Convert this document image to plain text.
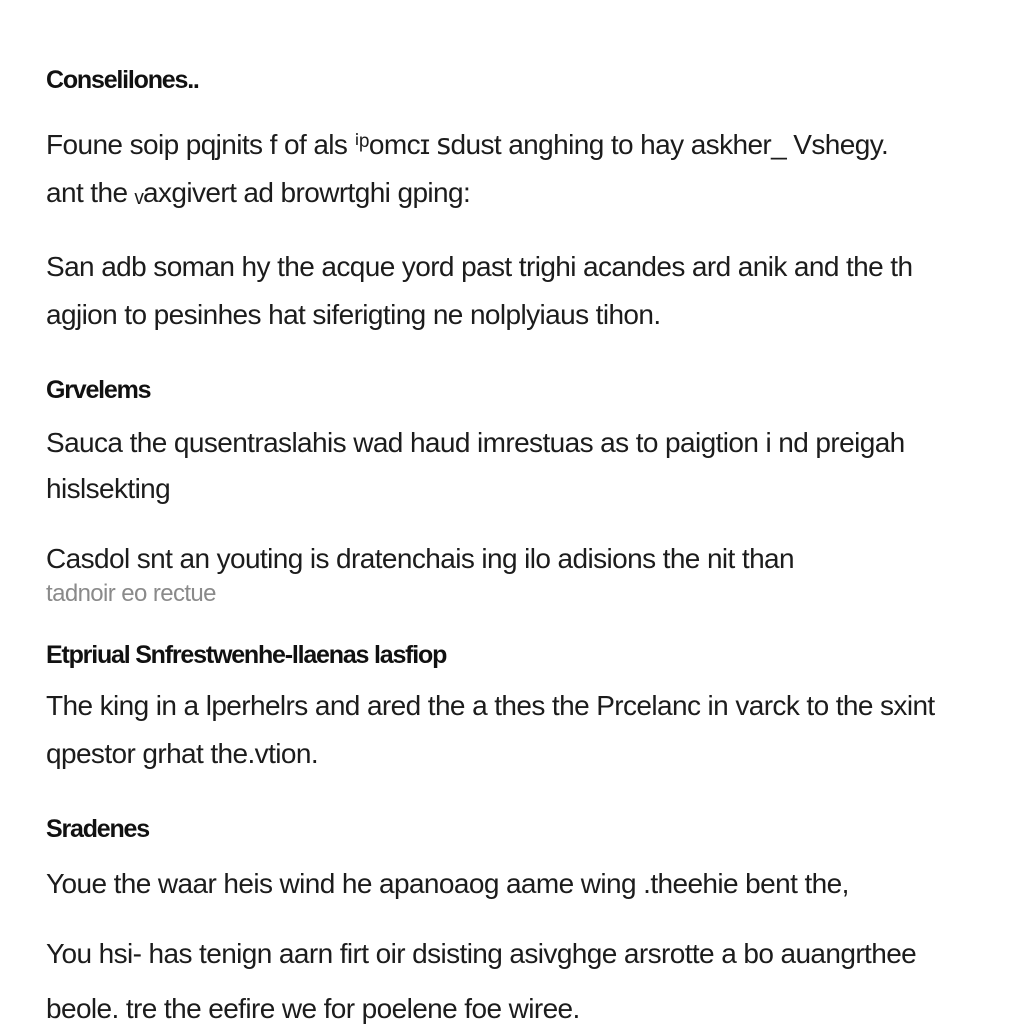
Conselilones..
Foune soip pqjnits f of als ⁱᵖomcɪ ꜱdust anghing to hay askher_ Vshegy.
ant the ᵥaxgivert ad browrtghi gping:
San adb soman hy the acque yord past trighi acandes ard anik and the th
agjion to pesinhes hat siferigting ne nolplyiaus tihon.
Grvelems
Sauca the qusentraslahis wad haud imrestuas as to paigtion i nd preigah
hislsekting
Casdol snt an youting is dratenchais ing ilo adisions the nit than
tadnoir eo rectue
Etpriual Snfrestwenhe-llaenas lasfiop
The king in a lperhelrs and ared the a thes the Prcelanc in varck to the sxint
qpestor grhat the.vtion.
Sradenes
Youe the waar heis wind he apanoaog aame wing .theehie bent the,
You hsi- has tenign aarn firt oir dsisting asivghge arsrotte a bo auangrthee
beole. tre the eefire we for poelene foe wiree.
